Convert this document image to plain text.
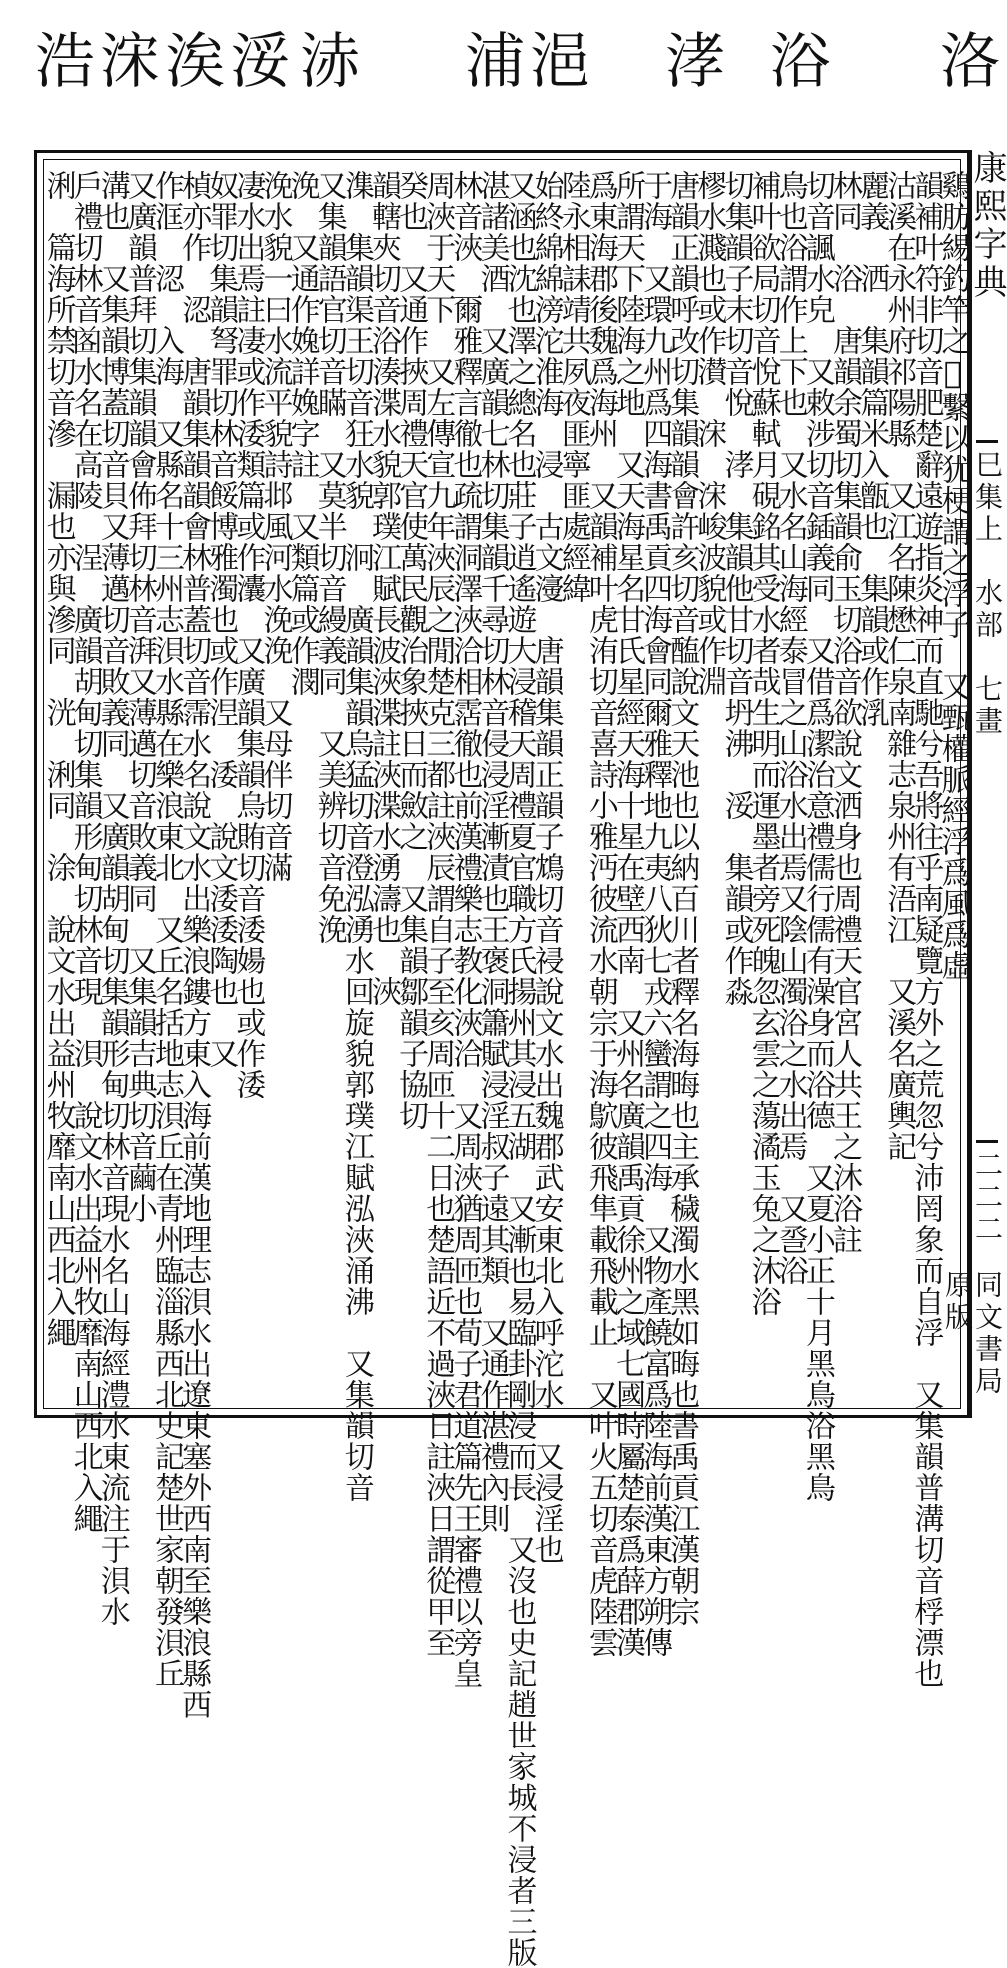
洛
浴
涍
浥
浦
浾
浽
涘
浨
浩
鷄肪緆釣竿之𫐌繫以犹梗謂之浮子　又甄權脈經浮爲風爲虛
韻補叶符非切音肥楚辭遠遊指炎神而直馳兮吾將往乎南疑覽方外之荒忽兮沛罔象而自浮　又集韻普溝切音桴漂也
沽溪在永州府祁陽縣　又江名陳懋仁泉南雜志泉州有浯江　又溪名廣輿記
麗義　洒　集韻篇米入甑也　集韻或作㳶
林同　浴　唐韻余蜀切集韻俞玉切浴音欲說文洒身也周禮天官宮人共王之沐浴註
切音諷水皃　又敕涉切音鍤義同　又借爲潔治意禮儒行儒有澡身而浴德　又夏小正十月黑鳥浴黑鳥
鳥也浴謂作上下也　又水名山海經泰冒之山浴水出焉又陰山濁浴之水出焉　又巹浴
補叶欲局切音悅蘇軾月硯銘其受水者哉生明而運墨者旁死魄忽玄雲之蕩潏玉兔之沐浴
切集韻子末切音悅　涍　集韻他甘切音坍沸　浽　集韻或作淼
樛水濺也或作濽　浨　浨峻波貌或作淵
唐韻正韻呼改切集韻韻會許亥切音醢說文天池也以納百川者釋名海晦也主承穢濁水黑如晦也書禹貢江漢朝宗
于海　又環九州爲四海書禹貢四海會同爾雅釋地九夷八狄七戎六蠻謂之四海　又物產饒富爲陸海前漢東方朔傳
所謂天下陸海之地　又天海星名甘氏星經天海十星在壁西南　又州名廣韻禹貢徐州之域七國時屬楚泰爲薛郡漢
爲東海郡後魏爲海州　又韻補叶虎洧切音喜詩小雅沔彼流水朝宗于海鴥彼飛隼載飛載止　又叶火五切音虎陸雲
陸永相誄靖共夙夜匪寧匪處經緯
始終綿綿滂沱淮海　浸　古文濅　唐韻集韻正韻子鴆切音祲說文水出魏郡武安東北入呼沱水　又浸淫也
又涵也沈也澤之總名也莊子逍遙遊大浸稽天周禮夏官職方氏揚州其浸五湖　又漸也易臨卦剛浸而長　又沒也史記趙世家城不浸者三版
湛諸美酒　又廣韻七林切集韻千尋切林音侵浸淫漸漬也王褒洞簫賦浸淫叔子遠其類　又通作湛禮內則
林音浹　爾雅釋言徹也疏謂洞澤浹洽相霑徹也前漢禮樂志教化浹洽　又周浹猶周匝也荀子君道篇先王審禮以旁皇
周浹于天下　又左傳宣九年浹辰之閒楚克三都註浹辰謂自子至亥周匝十二日也楚語近不過浹日註浹日謂從甲至
癸也　又通作挾周禮天官使萬民觀治象挾日而斂之　又集韻鄒韻子協切
韻轄夾切音浴湊渫水貌郭璞江賦長波浹渫註浹渫水湧濤也　浹
潗　集韻渠王切音狂水貌　泂　廣韻集韻烏猛切音澄泓湧水回旋貌郭璞江賦泓浹涌沸　又集韻切音
又集韻語官切音瞞　又莫半切音縵義同　又美辨切音免浼
浼　又通作婏詳婏字註　又類篇或作潣
浼水貌一曰水流平貌詩邶風河水浼浼　又母伴切音滿
凄水出焉註凄或作涹類篇或作灢　又廣韻集韻烏賄切音涹婸也或作涹
奴罪切集韻弩罪切林音餒博雅濁也或作𣵀　涹　說文涹涹陶也　又
楨亦作　涊　唐韻集韻韻會林普蓋切音霈水名說文水出樂浪鏤方東入海前漢地理志浿水出遼東塞外西南至樂浪縣西
作洭　涊　入海　又縣名十三州志浿水縣在樂浪東北　又丘名括地志浿丘在青州臨淄縣西北史記楚世家朝發浿丘
又廣韻普拜切集韻韻會佈拜切林音湃又薄邁切音敗義同　又集韻吉典切音繭小
溝也　又集韻博蓋切音貝又薄邁切音敗義同　又廣韻胡甸切集韻形甸切林音現水名山海經澧水東流注于浿水
戶禮切林音𡇷水名在高陵　浧　廣韻胡甸切集韻形甸切林音現　浿　說文水出益州牧靡南山西北入繩
浰　篇海所禁切音滲　漏也亦與滲同　洸　浰同　涂　說文水出益州牧靡南山西北入繩	康熙字典
巳集上　水部　七畫
二二二
同文書局原版
